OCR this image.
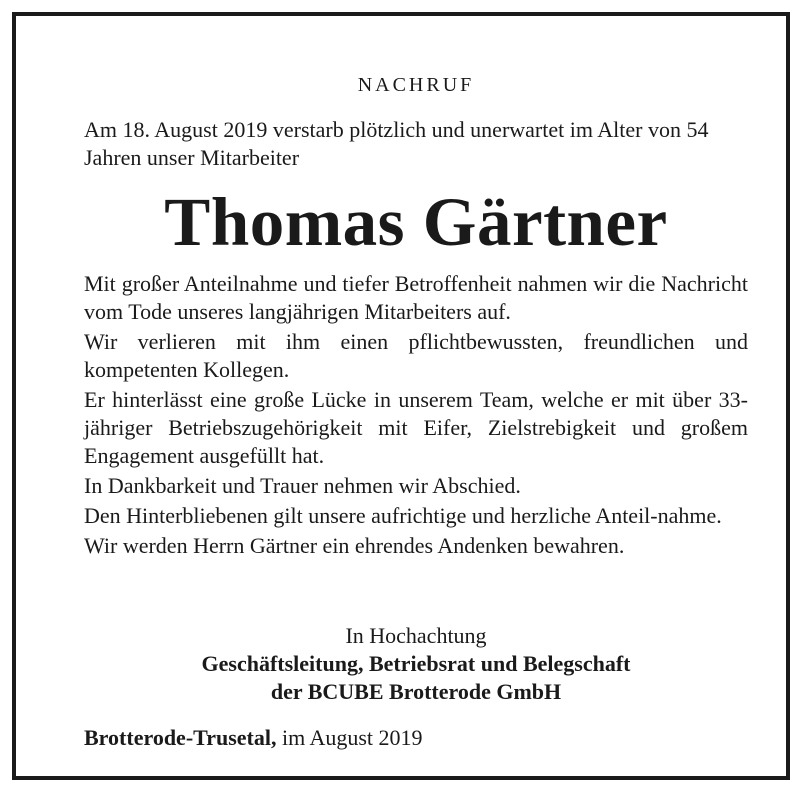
NACHRUF
Am 18. August 2019 verstarb plötzlich und unerwartet im Alter von 54 Jahren unser Mitarbeiter
Thomas Gärtner

Mit großer Anteilnahme und tiefer Betroffenheit nahmen wir die Nachricht vom Tode unseres langjährigen Mitarbeiters auf.

Wir verlieren mit ihm einen pflichtbewussten, freundlichen und kompetenten Kollegen.

Er hinterlässt eine große Lücke in unserem Team, welche er mit über 33-jähriger Betriebszugehörigkeit mit Eifer, Zielstrebigkeit und großem Engagement ausgefüllt hat.

In Dankbarkeit und Trauer nehmen wir Abschied.

Den Hinterbliebenen gilt unsere aufrichtige und herzliche Anteil-nahme.

Wir werden Herrn Gärtner ein ehrendes Andenken bewahren.

In Hochachtung
Geschäftsleitung, Betriebsrat und Belegschaft
der BCUBE Brotterode GmbH
Brotterode-Trusetal, im August 2019
